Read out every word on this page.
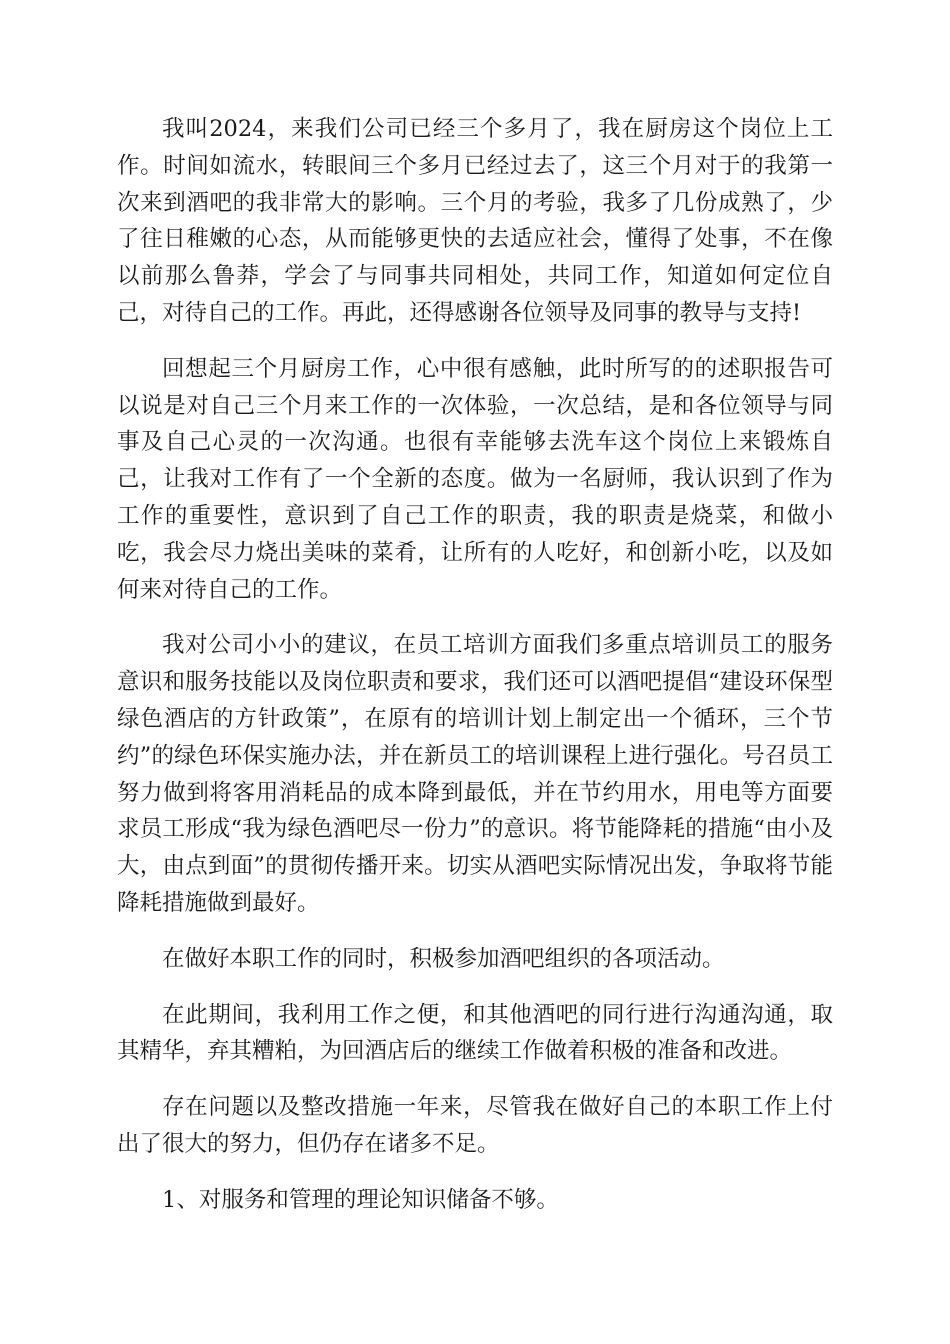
我叫2024，来我们公司已经三个多月了，我在厨房这个岗位上工作。时间如流水，转眼间三个多月已经过去了，这三个月对于的我第一次来到酒吧的我非常大的影响。三个月的考验，我多了几份成熟了，少了往日稚嫩的心态，从而能够更快的去适应社会，懂得了处事，不在像以前那么鲁莽，学会了与同事共同相处，共同工作，知道如何定位自己，对待自己的工作。再此，还得感谢各位领导及同事的教导与支持!

回想起三个月厨房工作，心中很有感触，此时所写的的述职报告可以说是对自己三个月来工作的一次体验，一次总结，是和各位领导与同事及自己心灵的一次沟通。也很有幸能够去洗车这个岗位上来锻炼自己，让我对工作有了一个全新的态度。做为一名厨师，我认识到了作为工作的重要性，意识到了自己工作的职责，我的职责是烧菜，和做小吃，我会尽力烧出美味的菜肴，让所有的人吃好，和创新小吃，以及如何来对待自己的工作。

我对公司小小的建议，在员工培训方面我们多重点培训员工的服务意识和服务技能以及岗位职责和要求，我们还可以酒吧提倡“建设环保型绿色酒店的方针政策”，在原有的培训计划上制定出一个循环，三个节约”的绿色环保实施办法，并在新员工的培训课程上进行强化。号召员工努力做到将客用消耗品的成本降到最低，并在节约用水，用电等方面要求员工形成“我为绿色酒吧尽一份力”的意识。将节能降耗的措施“由小及大，由点到面”的贯彻传播开来。切实从酒吧实际情况出发，争取将节能降耗措施做到最好。

在做好本职工作的同时，积极参加酒吧组织的各项活动。

在此期间，我利用工作之便，和其他酒吧的同行进行沟通沟通，取其精华，弃其糟粕，为回酒店后的继续工作做着积极的准备和改进。

存在问题以及整改措施一年来，尽管我在做好自己的本职工作上付出了很大的努力，但仍存在诸多不足。

1、对服务和管理的理论知识储备不够。
